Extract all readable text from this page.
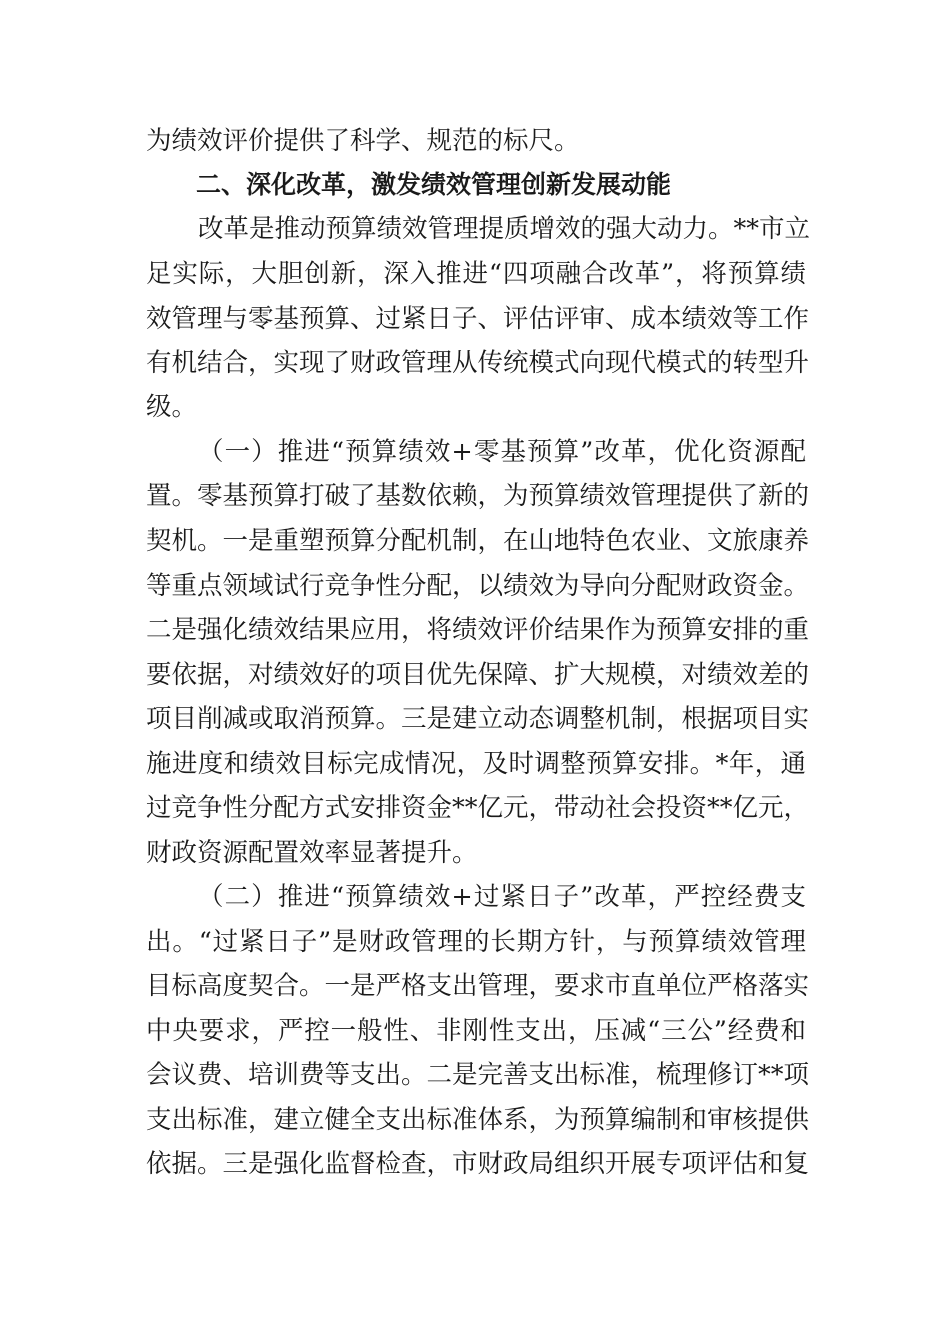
为绩效评价提供了科学、规范的标尺。
二、深化改革，激发绩效管理创新发展动能
改革是推动预算绩效管理提质增效的强大动力。**市立
足实际，大胆创新，深入推进“四项融合改革”，将预算绩
效管理与零基预算、过紧日子、评估评审、成本绩效等工作
有机结合，实现了财政管理从传统模式向现代模式的转型升
级。
（一）推进“预算绩效+零基预算”改革，优化资源配
置。零基预算打破了基数依赖，为预算绩效管理提供了新的
契机。一是重塑预算分配机制，在山地特色农业、文旅康养
等重点领域试行竞争性分配，以绩效为导向分配财政资金。
二是强化绩效结果应用，将绩效评价结果作为预算安排的重
要依据，对绩效好的项目优先保障、扩大规模，对绩效差的
项目削减或取消预算。三是建立动态调整机制，根据项目实
施进度和绩效目标完成情况，及时调整预算安排。*年，通
过竞争性分配方式安排资金**亿元，带动社会投资**亿元，
财政资源配置效率显著提升。
（二）推进“预算绩效+过紧日子”改革，严控经费支
出。“过紧日子”是财政管理的长期方针，与预算绩效管理
目标高度契合。一是严格支出管理，要求市直单位严格落实
中央要求，严控一般性、非刚性支出，压减“三公”经费和
会议费、培训费等支出。二是完善支出标准，梳理修订**项
支出标准，建立健全支出标准体系，为预算编制和审核提供
依据。三是强化监督检查，市财政局组织开展专项评估和复
